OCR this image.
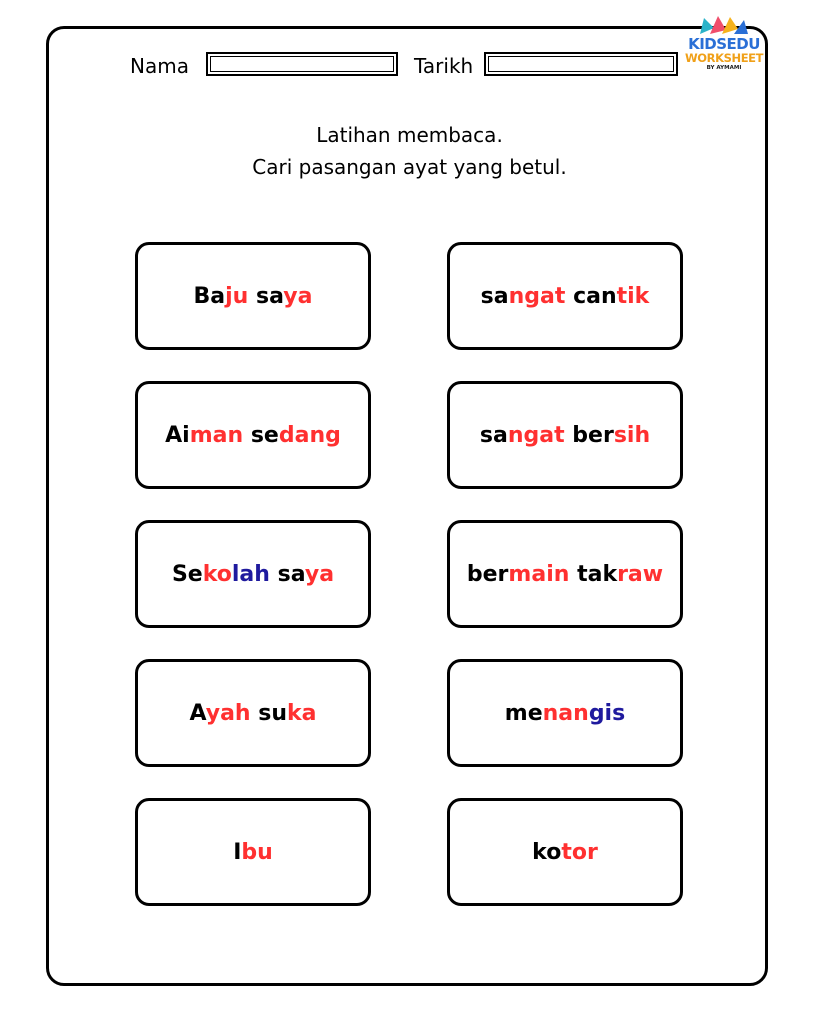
Nama	Tarikh
KIDSEDU
WORKSHEET
BY AYMAMI
Latihan membaca.
Cari pasangan ayat yang betul.
Baju saya
Aiman sedang
Sekolah saya
Ayah suka
Ibu
sangat cantik
sangat bersih
bermain takraw
menangis
kotor
